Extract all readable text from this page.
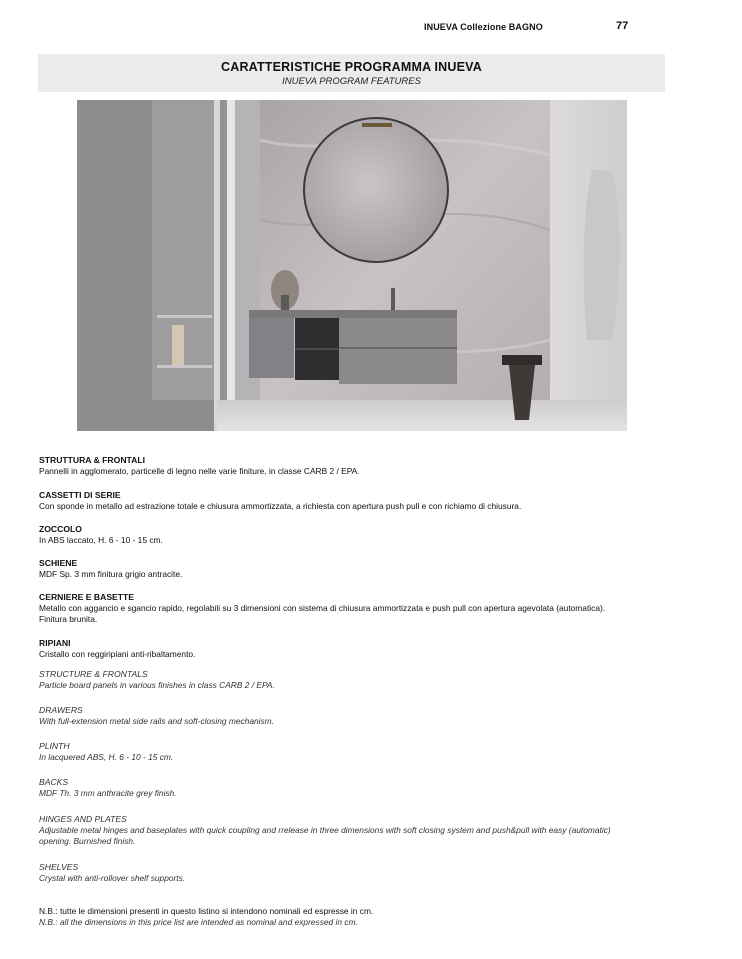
INUEVA Collezione BAGNO	77
CARATTERISTICHE PROGRAMMA INUEVA
INUEVA PROGRAM FEATURES
STRUTTURA & FRONTALI
Pannelli in agglomerato, particelle di legno nelle varie finiture, in classe CARB 2 / EPA.
CASSETTI DI SERIE
Con sponde in metallo ad estrazione totale e chiusura ammortizzata, a richiesta con apertura push pull e con richiamo di chiusura.
ZOCCOLO
In ABS laccato, H. 6 - 10 - 15 cm.
SCHIENE
MDF Sp. 3 mm finitura grigio antracite.
CERNIERE E BASETTE
Metallo con aggancio e sgancio rapido, regolabili su 3 dimensioni con sistema di chiusura ammortizzata e push pull con apertura agevolata (automatica).
Finitura brunita.
RIPIANI
Cristallo con reggiripiani anti-ribaltamento.
STRUCTURE & FRONTALS
Particle board panels in various finishes in class CARB 2 / EPA.
DRAWERS
With full-extension metal side rails and soft-closing mechanism.
PLINTH
In lacquered ABS, H. 6 - 10 - 15 cm.
BACKS
MDF Th. 3 mm anthracite grey finish.
HINGES AND PLATES
Adjustable metal hinges and baseplates with quick coupling and rrelease in three dimensions with soft closing system and push&pull with easy (automatic)
opening. Burnished finish.
SHELVES
Crystal with anti-rollover shelf supports.
N.B.: tutte le dimensioni presenti in questo listino si intendono nominali ed espresse in cm.
N.B.: all the dimensions in this price list are intended as nominal and expressed in cm.
